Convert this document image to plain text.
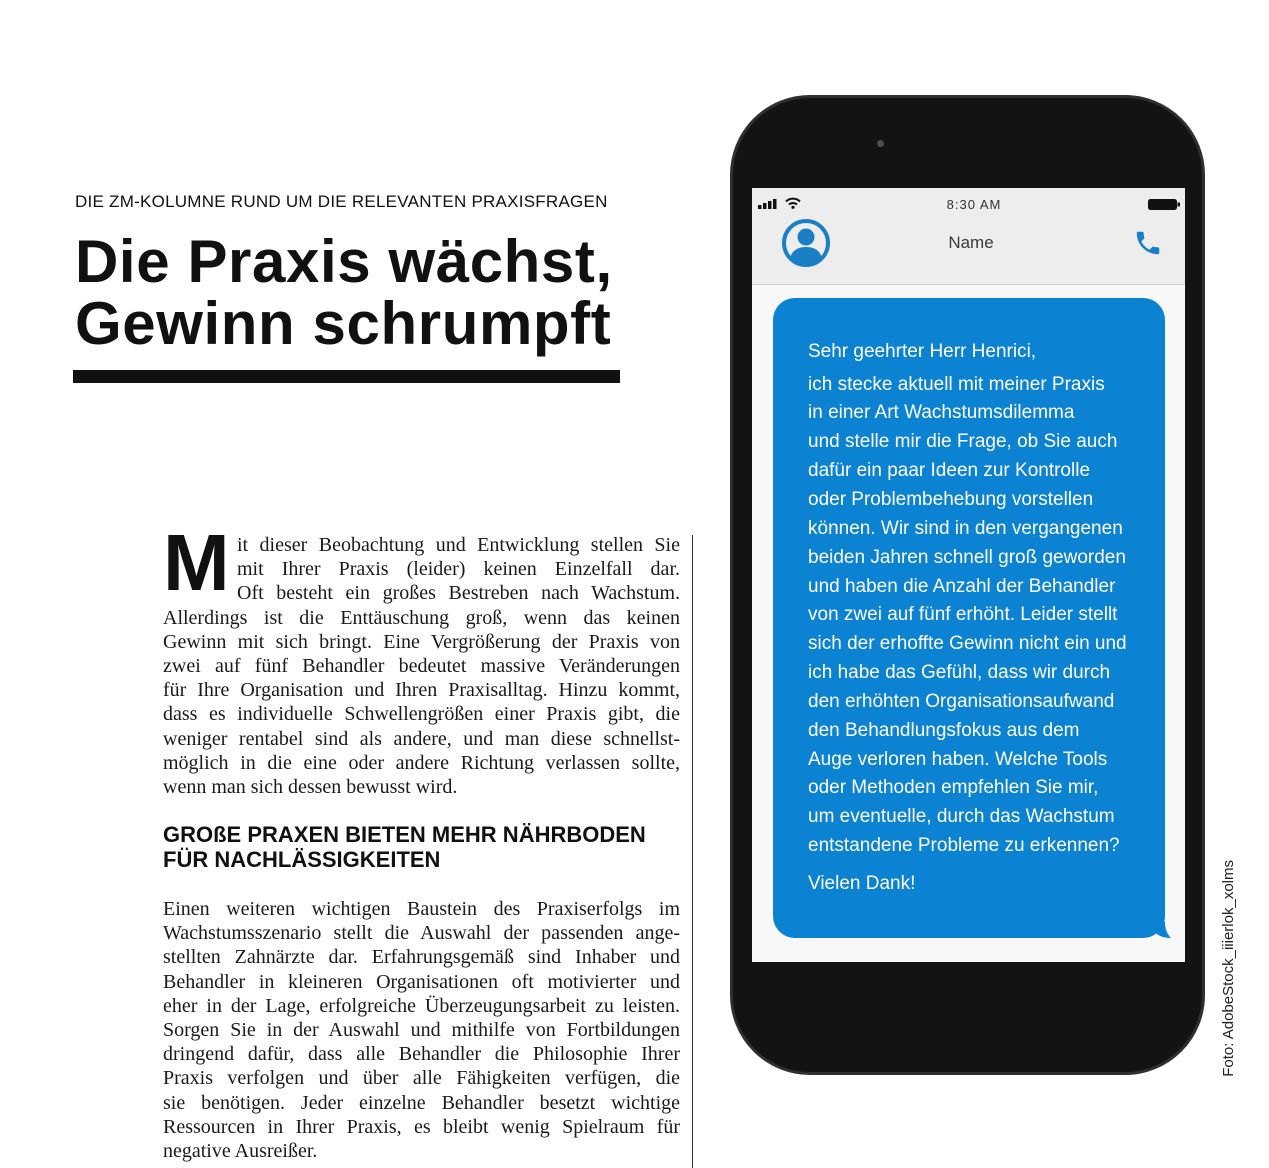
DIE ZM-KOLUMNE RUND UM DIE RELEVANTEN PRAXISFRAGEN
Die Praxis wächst,
Gewinn schrumpft
M it dieser Beobachtung und Entwicklung stellen Sie
mit Ihrer Praxis (leider) keinen Einzelfall dar.
Oft besteht ein großes Bestreben nach Wachstum.
Allerdings ist die Enttäuschung groß, wenn das keinen
Gewinn mit sich bringt. Eine Vergrößerung der Praxis von
zwei auf fünf Behandler bedeutet massive Veränderungen
für Ihre Organisation und Ihren Praxisalltag. Hinzu kommt,
dass es individuelle Schwellengrößen einer Praxis gibt, die
weniger rentabel sind als andere, und man diese schnellst-
möglich in die eine oder andere Richtung verlassen sollte,
wenn man sich dessen bewusst wird.
GROßE PRAXEN BIETEN MEHR NÄHRBODEN
FÜR NACHLÄSSIGKEITEN
Einen weiteren wichtigen Baustein des Praxiserfolgs im
Wachstumsszenario stellt die Auswahl der passenden ange-
stellten Zahnärzte dar. Erfahrungsgemäß sind Inhaber und
Behandler in kleineren Organisationen oft motivierter und
eher in der Lage, erfolgreiche Überzeugungsarbeit zu leisten.
Sorgen Sie in der Auswahl und mithilfe von Fortbildungen
dringend dafür, dass alle Behandler die Philosophie Ihrer
Praxis verfolgen und über alle Fähigkeiten verfügen, die
sie benötigen. Jeder einzelne Behandler besetzt wichtige
Ressourcen in Ihrer Praxis, es bleibt wenig Spielraum für
negative Ausreißer.
8:30 AM
Name
Sehr geehrter Herr Henrici,
ich stecke aktuell mit meiner Praxis
in einer Art Wachstumsdilemma
und stelle mir die Frage, ob Sie auch
dafür ein paar Ideen zur Kontrolle
oder Problembehebung vorstellen
können. Wir sind in den vergangenen
beiden Jahren schnell groß geworden
und haben die Anzahl der Behandler
von zwei auf fünf erhöht. Leider stellt
sich der erhoffte Gewinn nicht ein und
ich habe das Gefühl, dass wir durch
den erhöhten Organisationsaufwand
den Behandlungsfokus aus dem
Auge verloren haben. Welche Tools
oder Methoden empfehlen Sie mir,
um eventuelle, durch das Wachstum
entstandene Probleme zu erkennen?
Vielen Dank!	Foto: AdobeStock_iiierlok_xolms
